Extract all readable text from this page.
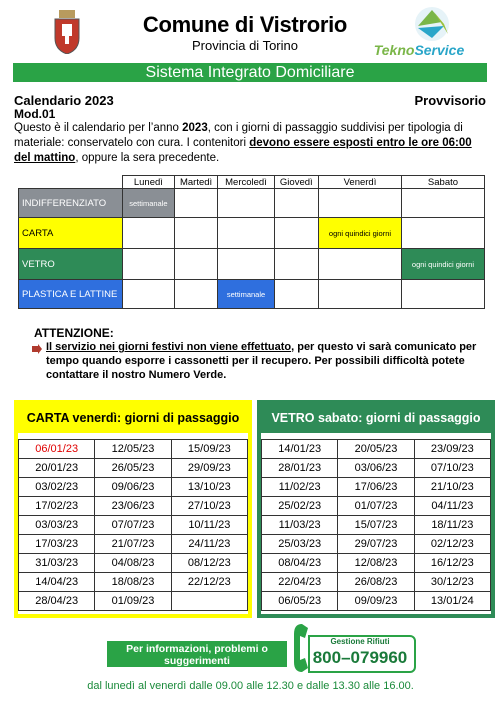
Comune di Vistrorio
Provincia di Torino	TeknoService
Sistema Integrato Domiciliare
Calendario 2023	Provvisorio
Mod.01
Questo è il calendario per l’anno 2023, con i giorni di passaggio suddivisi per tipologia di materiale: conservatelo con cura. I contenitori devono essere esposti entro le ore 06:00 del mattino, oppure la sera precedente.
	Lunedì	Martedì	Mercoledì	Giovedì	Venerdì	Sabato
INDIFFERENZIATO	settimanale					
CARTA					ogni quindici giorni	
VETRO						ogni quindici giorni
PLASTICA E LATTINE			settimanale			
ATTENZIONE:
Il servizio nei giorni festivi non viene effettuato, per questo vi sarà comunicato per tempo quando esporre i cassonetti per il recupero. Per possibili difficoltà potete contattare il nostro Numero Verde.
CARTA venerdì: giorni di passaggio
06/01/23	12/05/23	15/09/23
20/01/23	26/05/23	29/09/23
03/02/23	09/06/23	13/10/23
17/02/23	23/06/23	27/10/23
03/03/23	07/07/23	10/11/23
17/03/23	21/07/23	24/11/23
31/03/23	04/08/23	08/12/23
14/04/23	18/08/23	22/12/23
28/04/23	01/09/23	
VETRO sabato: giorni di passaggio
14/01/23	20/05/23	23/09/23
28/01/23	03/06/23	07/10/23
11/02/23	17/06/23	21/10/23
25/02/23	01/07/23	04/11/23
11/03/23	15/07/23	18/11/23
25/03/23	29/07/23	02/12/23
08/04/23	12/08/23	16/12/23
22/04/23	26/08/23	30/12/23
06/05/23	09/09/23	13/01/24
Per informazioni, problemi o suggerimenti
Gestione Rifiuti
800–079960
dal lunedì al venerdì dalle 09.00 alle 12.30 e dalle 13.30 alle 16.00.
